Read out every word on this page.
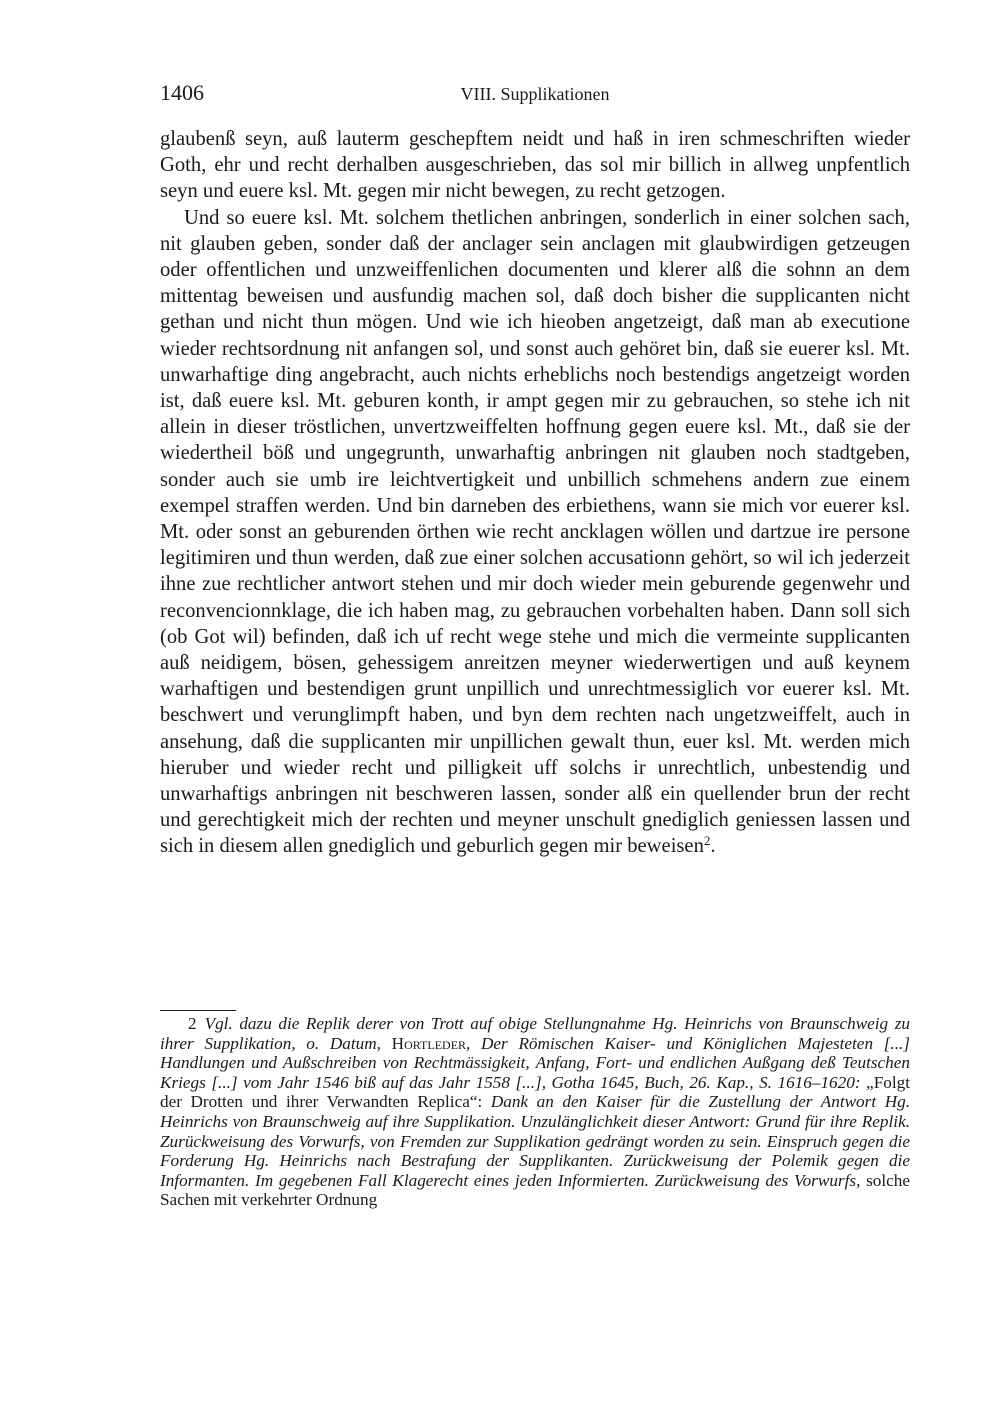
1406	VIII. Supplikationen

glaubenß seyn, auß lauterm geschepftem neidt und haß in iren schmeschriften wieder Goth, ehr und recht derhalben ausgeschrieben, das sol mir billich in allweg unpfentlich seyn und euere ksl. Mt. gegen mir nicht bewegen, zu recht getzogen.

Und so euere ksl. Mt. solchem thetlichen anbringen, sonderlich in einer solchen sach, nit glauben geben, sonder daß der anclager sein anclagen mit glaubwirdigen getzeugen oder offentlichen und unzweiffenlichen documenten und klerer alß die sohnn an dem mittentag beweisen und ausfundig machen sol, daß doch bisher die supplicanten nicht gethan und nicht thun mögen. Und wie ich hieoben angetzeigt, daß man ab executione wieder rechtsordnung nit anfangen sol, und sonst auch gehöret bin, daß sie euerer ksl. Mt. unwarhaftige ding angebracht, auch nichts erheblichs noch bestendigs angetzeigt worden ist, daß euere ksl. Mt. geburen konth, ir ampt gegen mir zu gebrauchen, so stehe ich nit allein in dieser tröstlichen, unvertzweiffelten hoffnung gegen euere ksl. Mt., daß sie der wiedertheil böß und ungegrunth, unwarhaftig anbringen nit glauben noch stadtgeben, sonder auch sie umb ire leichtvertigkeit und unbillich schmehens andern zue einem exempel straffen werden. Und bin darneben des erbiethens, wann sie mich vor euerer ksl. Mt. oder sonst an geburenden örthen wie recht ancklagen wöllen und dartzue ire persone legitimiren und thun werden, daß zue einer solchen accusationn gehört, so wil ich jederzeit ihne zue rechtlicher antwort stehen und mir doch wieder mein geburende gegenwehr und reconvencionnklage, die ich haben mag, zu gebrauchen vorbehalten haben. Dann soll sich (ob Got wil) befinden, daß ich uf recht wege stehe und mich die vermeinte supplicanten auß neidigem, bösen, gehessigem anreitzen meyner wiederwertigen und auß keynem warhaftigen und bestendigen grunt unpillich und unrechtmessiglich vor euerer ksl. Mt. beschwert und verunglimpft haben, und byn dem rechten nach ungetzweiffelt, auch in ansehung, daß die supplicanten mir unpillichen gewalt thun, euer ksl. Mt. werden mich hieruber und wieder recht und pilligkeit uff solchs ir unrechtlich, unbestendig und unwarhaftigs anbringen nit beschweren lassen, sonder alß ein quellender brun der recht und gerechtigkeit mich der rechten und meyner unschult gnediglich geniessen lassen und sich in diesem allen gnediglich und geburlich gegen mir beweisen$^2$.

2 Vgl. dazu die Replik derer von Trott auf obige Stellungnahme Hg. Heinrichs von Braunschweig zu ihrer Supplikation, o. Datum, Hortleder, Der Römischen Kaiser- und Königlichen Majesteten [...] Handlungen und Außschreiben von Rechtmässigkeit, Anfang, Fort- und endlichen Außgang deß Teutschen Kriegs [...] vom Jahr 1546 biß auf das Jahr 1558 [...], Gotha 1645, Buch, 26. Kap., S. 1616–1620: „Folgt der Drotten und ihrer Verwandten Replica“: Dank an den Kaiser für die Zustellung der Antwort Hg. Heinrichs von Braunschweig auf ihre Supplikation. Unzulänglichkeit dieser Antwort: Grund für ihre Replik. Zurückweisung des Vorwurfs, von Fremden zur Supplikation gedrängt worden zu sein. Einspruch gegen die Forderung Hg. Heinrichs nach Bestrafung der Supplikanten. Zurückweisung der Polemik gegen die Informanten. Im gegebenen Fall Klagerecht eines jeden Informierten. Zurückweisung des Vorwurfs, solche Sachen mit verkehrter Ordnung
